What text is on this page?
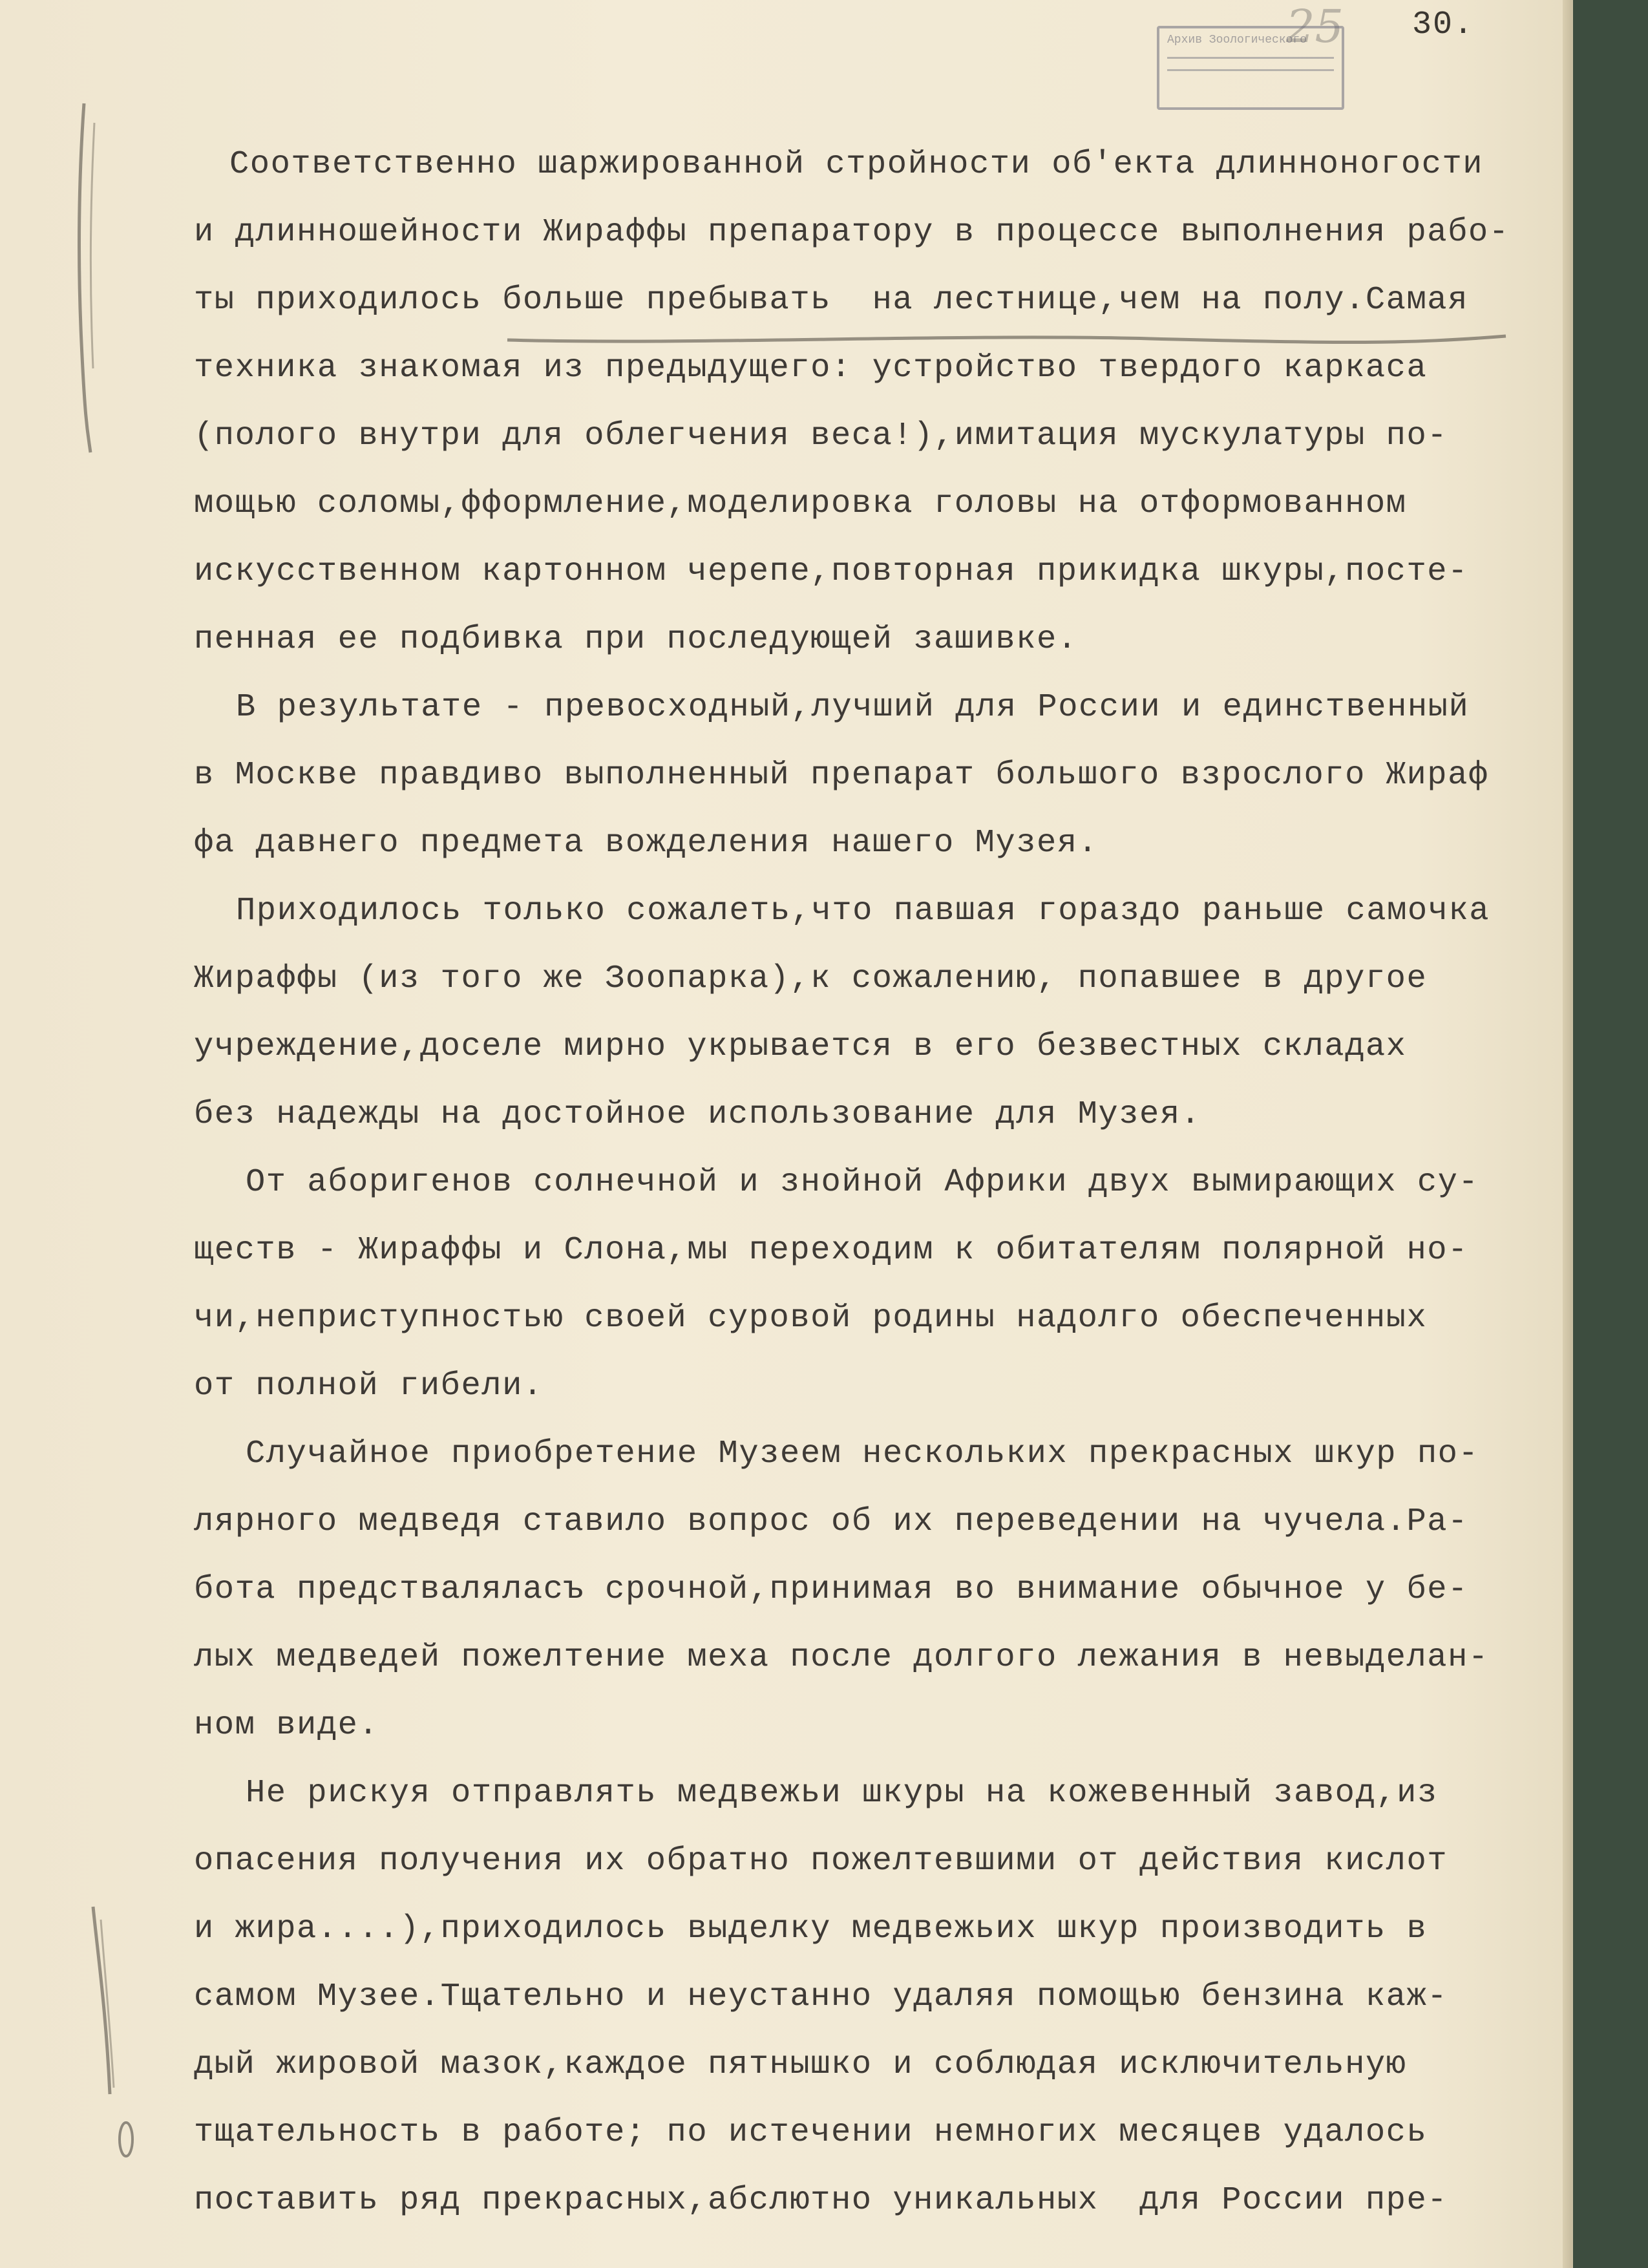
25 30.
Архив Зоологического
Соответственно шаржированной стройности об'екта длинноногости
и длинношейности Жираффы препаратору в процессе выполнения рабо-
ты приходилось больше пребывать  на лестнице,чем на полу.Самая
техника знакомая из предыдущего: устройство твердого каркаса
(полого внутри для облегчения веса!),имитация мускулатуры по-
мощью соломы,фформление,моделировка головы на отформованном
искусственном картонном черепе,повторная прикидка шкуры,посте-
пенная ее подбивка при последующей зашивке.
В результате - превосходный,лучший для России и единственный
в Москве правдиво выполненный препарат большого взрослого Жираф
фа давнего предмета вожделения нашего Музея.
Приходилось только сожалеть,что павшая гораздо раньше самочка
Жираффы (из того же Зоопарка),к сожалению, попавшее в другое
учреждение,доселе мирно укрывается в его безвестных складах
без надежды на достойное использование для Музея.
От аборигенов солнечной и знойной Африки двух вымирающих су-
ществ - Жираффы и Слона,мы переходим к обитателям полярной но-
чи,неприступностью своей суровой родины надолго обеспеченных
от полной гибели.
Случайное приобретение Музеем нескольких прекрасных шкур по-
лярного медведя ставило вопрос об их переведении на чучела.Ра-
бота предстваляласъ срочной,принимая во внимание обычное у бе-
лых медведей пожелтение меха после долгого лежания в невыделан-
ном виде.
Не рискуя отправлять медвежьи шкуры на кожевенный завод,из
опасения получения их обратно пожелтевшими от действия кислот
и жира....),приходилось выделку медвежьих шкур производить в
самом Музее.Тщательно и неустанно удаляя помощью бензина каж-
дый жировой мазок,каждое пятнышко и соблюдая исключительную
тщательность в работе; по истечении немногих месяцев удалось
поставить ряд прекрасных,абслютно уникальных  для России пре-
